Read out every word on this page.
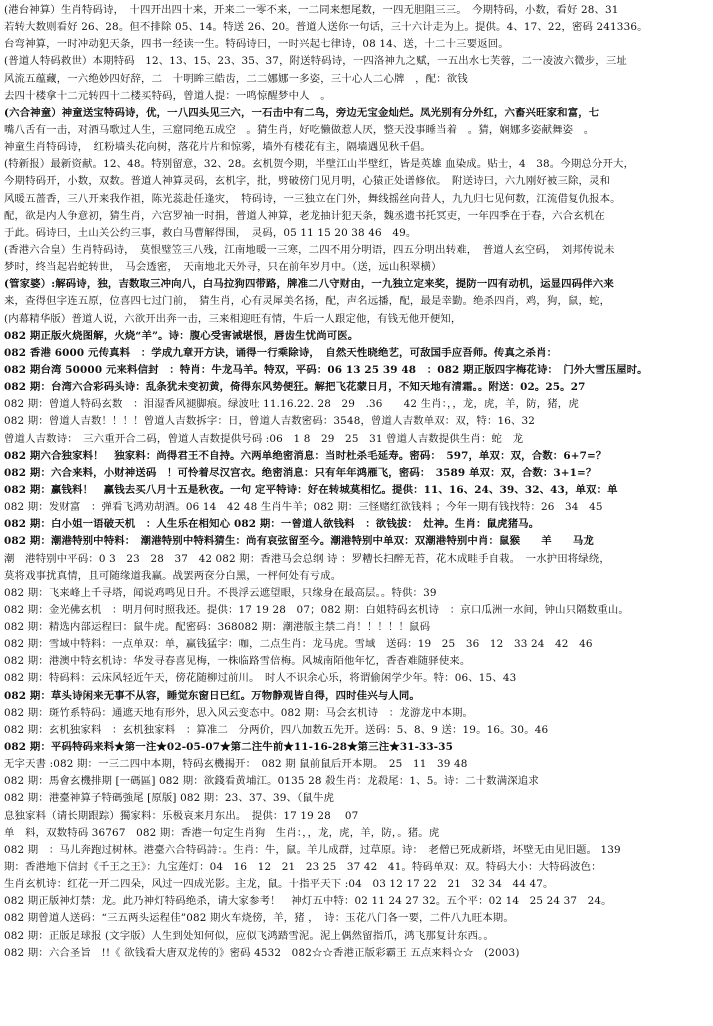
(港台神算）生肖特码诗，　十四开出四十来，开来二一零不来，一二同来想尾数，一四无胆阻三三。　今期特码，小数，看好 28、31
若转大数则看好 26、28。但不排除 05、14。特送 26、20。普道人送你一句话，三十六计走为上。提供。4、17、22，密码 241336。
台弯神算，一时冲动犯天条，四书一经读一生。特码诗曰，一时兴起七律诗，08 14、送，十二十三要返回。
(普道人特码救世）本期特码　12、13、15、23、35、37，附送特码诗，一四洛神九之赋，一五出水七芙蓉，二一凌波六微步，三址
风流五蕴藏，一六绝妙四好辞，二　十明眸三皓齿，二二娜娜一多姿，三十心人二心牌　，配：欲钱
去四十楼拿十二元转四十二楼买特码，曾道人提：一鸣惊醒梦中人　。
(六合神童）神童送宝特码诗，优，一八四头见三六，一石击中有二鸟，旁边无宝金灿烂。凤光别有分外红，六畜兴旺家和富，七
嘴八舌有一击，对酒马歌过人生，三窟同绝五成空　。猜生肖，好吃懒做惹人厌，整天没事睡当着　。猜，娴娜多姿献舞姿　。
神童生肖特码诗，　红粉墙头花向树，落花片片和惊雾，墙外有楼花有主，隔墙遇见秋千倡。
(特新报）最新资献。12、48。特别留意，32、28。玄机贺今期，半壁江山半壁红，皆是英雄 血染成。贴士，4　38。今期总分开大，
今期特码开，小数，双数。普道人神算灵码，玄机字，批，劈破傍门见月明，心猿正处谱修依。　附送诗曰，六九刚好被三除，灵和
风暖五蔷香，三八开来我作祖，陈光蕊赴任逢灾，　特码诗，一三独立在门外，舞线摇丝向昔人，九九归七见何数，江流借复仇报本。
配，欲是内人争意初，猜生肖，六宫罗袖一时捐，普道人神算，老龙抽计犯天条，魏丞遗书托冥吏，一年四季在于春，六合玄机在
于此。码诗曰，土山关公约三事，救白马曹解得围，　灵码，05 11 15 20 38 46　49。
(香港六合皇）生肖特码诗，　莫恨璧笠三八残，江南地暖一三寒，二四不用分明语，四五分明出转难，　普道人玄空码，　刘邦传说未
梦时，终当起岩蛇转世，　马会透密，　天南地北天外寻，只在前年岁月中。（送，远山积翠横）
(管家婆）:解码诗，独，吉数取三冲向八，白马拉狗四带路，牌准二八守财由，一九独立定来奖，提防一四有动机，运显四码伴六来
来，查得但字连五原，位喜四七过门前，　猜生肖，心有灵犀美名扬，配，声名远播，配，最是幸勤。绝杀四肖，鸡，狗，鼠，蛇，
(内幕精华版）普道人说，六欲开出奔一击，三来相迎旺有情，牛后一人跟定他，有钱无他开便知，
082 期正版火烧图解，火烧“羊”。诗：腹心受害诫堪恨，唇齿生忧尚可医。
082 香港 6000 元传真料　：学成九章开方诀，诵得一行乘除诗，　自然天性晓绝艺，可敌国手应吾师。传真之杀肖：
082 期台湾 50000 元来料信封　：特肖：牛龙马羊。特双，平码：06 13 25 39 48　：082 期正版四字梅花诗：　门外大雪压屋时。
082 期：台湾六合彩码头诗：乱条犹未变初黄，倚得东风势便狂。解把飞花蒙日月，不知天地有清霜。。附送：02。25。27
082 期：曾道人特码玄数　：泪湿香风褪脚痕。绿波吐 11.16.22. 28　29　.36　　42 生肖：，，龙，虎，羊，防，猪，虎
082 期：曾道人吉数！！！！曾道人吉数拆字：日，曾道人吉数密码：3548，曾道人吉数单双：双，特：16、32
曾道人吉数诗：　三六重开合二码，曾道人吉数提供号码 :06　1 8　29　25　31 曾道人吉数提供生肖：蛇　龙
082 期六合独家料！　独家料：尚得君王不自持。六两单绝密消息：当时杜杀毛延寿。密码：　597，单双：双，合数：6+7=？
082 期：六合来料，小财神送码　！可怜着尽汉宫衣。绝密消息：只有年年鸿雁飞，密码：　3589 单双：双，合数：3+1=？
082 期：赢钱料！　赢钱去买八月十五是秋夜。一句 定平特诗：好在转城莫相忆。提供：11、16、24、39、32、43，单双：单
082 期：发财富　：弹看飞鸿劝胡酒。06 14　42 48 生肖牛羊；082 期：三怪赌红欲钱料 ；今年一期有钱找特：26　34　45
082 期：白小姐一语破天机　：人生乐在相知心 082 期：一曾道人欲钱料　：欲钱拔：　灶神。生肖：鼠虎猪马。
082 期：潮港特别中特料：　潮港特别中特料猜生：尚有哀弦留至今。潮港特别中单双：双潮港特别中肖：鼠猴　　羊　　马龙
潮　港特别中平码：0 3　23　28　37　42 082 期：香港马会总纲 诗 ：罗糟长扫醉无苔，花木成畦手自栽。　一水护田将绿绕，
莫将戏事扰真情，且可随缘道我赢。战罢两奁分白黑，一枰何处有亏成。
082 期：飞来峰上千寻塔，闻说鸡鸣见日升。不畏浮云遮望眼，只缘身在最高层。。特供：39
082 期：金光佛玄机　：明月何时照我还。提供：17 19 28　07；082 期：白姐特码玄机诗　：京口瓜洲一水间，钟山只隔数重山。
082 期：精选内部运程曰：鼠牛虎。配密码：368082 期：潮港版主禁二肖！！！！！鼠码
082 期：雪域中特料：一点单双：单，赢钱猛字：咖，二点生肖：龙马虎。雪域　送码：19　25　36　12　33 24　42　46
082 期：港澳中特玄机诗：华发寻春喜见梅，一株临路雪倍梅。风城南陌他年忆，香杳难随驿使来。
082 期：特码料：云床风轻近午天，傍花随柳过前川。　时人不识余心乐，将谓偷闲学少年。特：06、15、43
082 期：草头诗闲来无事不从容，睡觉东窗日已红。万物静观皆自得，四时佳兴与人同。
082 期：斑竹系特码：通遮天地有形外，思入风云变态中。082 期：马会玄机诗　：龙游龙中本期。
082 期：玄机独家料　：玄机独家料　：算准二　分两价，四八加数五先开。送码：5、8、9 送：19。16。30。46
082 期：平码特码来料★第一注★02-05-07★第二注牛前★11-16-28★第三注★31-33-35
无字天書 :082 期：一三二四中本期，特码玄機揭开：　082 期 鼠前鼠后开本期。　25　11　39 48
082 期：馬會玄機排期 [一碼區] 082 期：欲錢看黄埔江。0135 28 殺生肖：龙殺尾：1、5。诗：二十数满深追求
082 期：港臺神算子特碼強尾 [原版] 082 期：23、37、39、（鼠牛虎
息独家料（请长期跟踪）獨家料：乐极哀来月东出。　提供：17 19 28　 07
单　料，双数特码 36767　082 期：香港一句定生肖狗　生肖：，，龙，虎，羊，防，。猪。虎
082 期　：马儿奔跑过树林。港臺六合特码詩：。生肖：牛，鼠。羊儿成群，过草原。诗：　老僧已死成新塔，坏壁无由见旧题。 139
期：香港地下信封《千王之王》：九宝莲灯：04　16　12　21　23 25　37 42　41。特码单双：双。特码大小：大特码波色：
生肖玄机诗：红花一开二四朵，风过一四成光影。主龙，鼠。十指平天下 :04　03 12 17 22　21　32 34　44 47。
082 期正版神灯禁：龙。此乃神灯特码绝杀，请大家参考！　神灯五中特：02 11 24 27 32。五个平：02 14　25 24 37　24。
082 期曾道人送码：“三五两头运程佳”082 期火车烧傍，羊，猪 ，　诗：玉花八门各一要，二件八九旺本期。
082 期：正版足球报 (文字版）人生到处知何似，应似飞鸿踏雪泥。泥上偶然留指爪，鸿飞那复计东西。。
082 期：六合圣旨　!!《 欲钱看大唐双龙传的》密码 4532　082☆☆香港正版彩霸王 五点来料☆☆　(2003)
